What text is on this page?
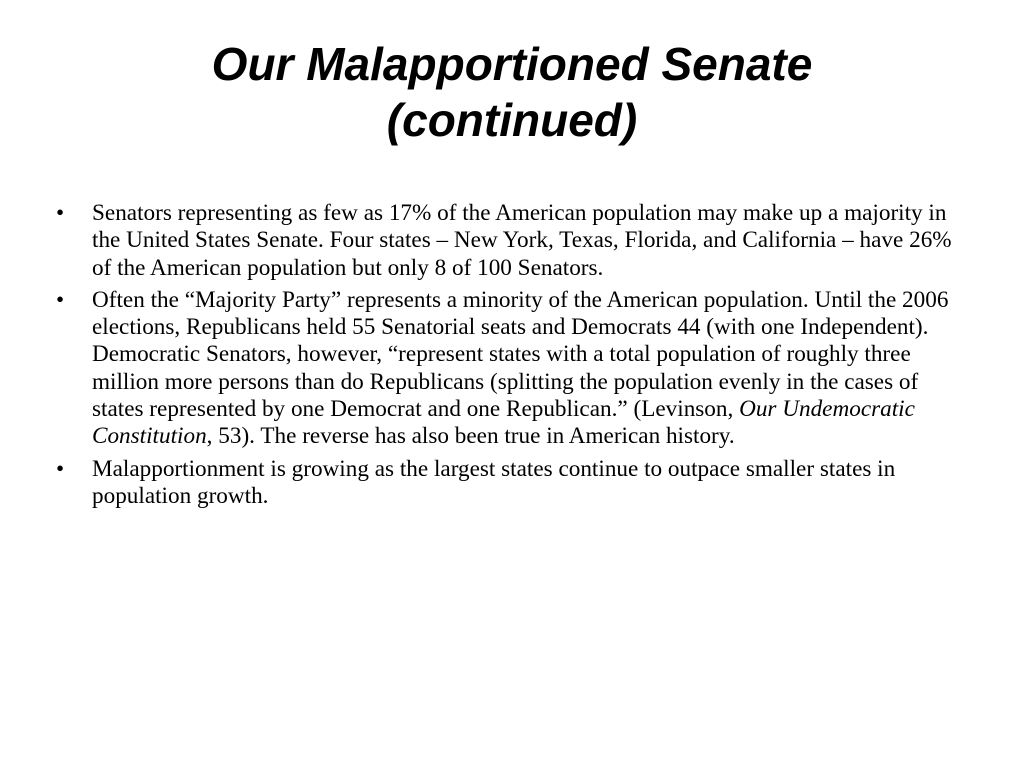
Our Malapportioned Senate
(continued)
•	Senators representing as few as 17% of the American population may make up a majority in the United States Senate. Four states – New York, Texas, Florida, and California – have 26% of the American population but only 8 of 100 Senators.
•	Often the “Majority Party” represents a minority of the American population. Until the 2006 elections, Republicans held 55 Senatorial seats and Democrats 44 (with one Independent). Democratic Senators, however, “represent states with a total population of roughly three million more persons than do Republicans (splitting the population evenly in the cases of states represented by one Democrat and one Republican.” (Levinson, Our Undemocratic Constitution, 53). The reverse has also been true in American history.
•	Malapportionment is growing as the largest states continue to outpace smaller states in population growth.
